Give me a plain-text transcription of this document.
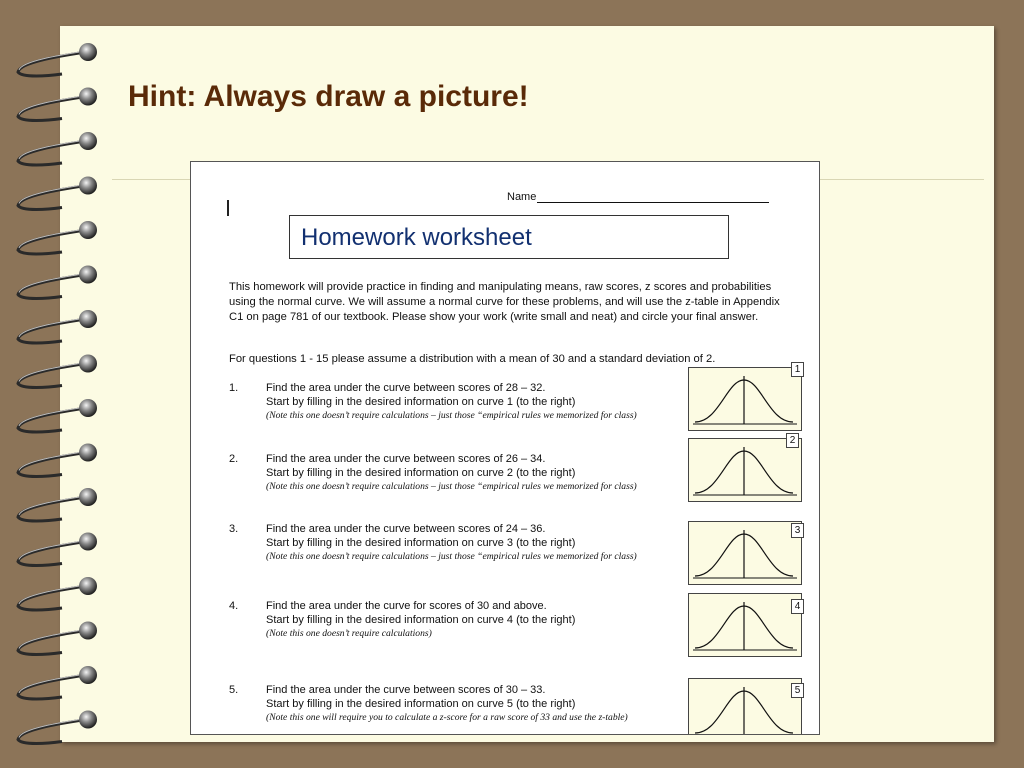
Hint: Always draw a picture!
Name
Homework worksheet
This homework will provide practice in finding and manipulating means, raw scores, z scores and probabilities using the normal curve. We will assume a normal curve for these problems, and will use the z-table in Appendix C1 on page 781 of our textbook. Please show your work (write small and neat) and circle your final answer.
For questions 1 - 15 please assume a distribution with a mean of 30 and a standard deviation of 2.
1.	Find the area under the curve between scores of 28 – 32.
Start by filling in the desired information on curve 1 (to the right)
(Note this one doesn’t require calculations – just those “empirical rules we memorized for class)
1
2.	Find the area under the curve between scores of 26 – 34.
Start by filling in the desired information on curve 2 (to the right)
(Note this one doesn’t require calculations – just those “empirical rules we memorized for class)
2
3.	Find the area under the curve between scores of 24 – 36.
Start by filling in the desired information on curve 3 (to the right)
(Note this one doesn’t require calculations – just those “empirical rules we memorized for class)
3
4.	Find the area under the curve for scores of 30 and above.
Start by filling in the desired information on curve 4 (to the right)
(Note this one doesn’t require calculations)
4
5.	Find the area under the curve between scores of 30 – 33.
Start by filling in the desired information on curve 5 (to the right)
(Note this one will require you to calculate a z-score for a raw score of 33 and use the z-table)
5
